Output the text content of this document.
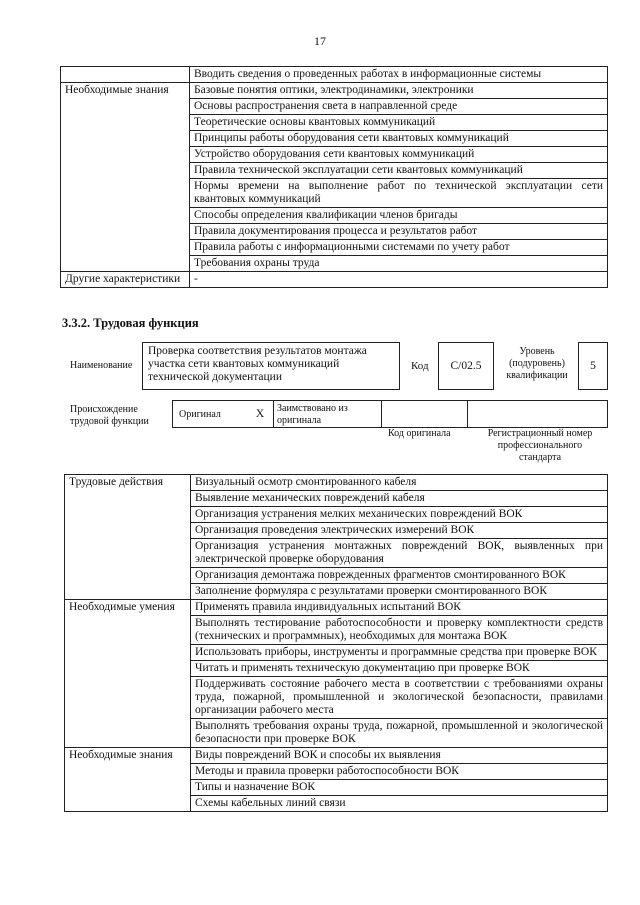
17
	Вводить сведения о проведенных работах в информационные системы
Необходимые знания	Базовые понятия оптики, электродинамики, электроники
	Основы распространения света в направленной среде
	Теоретические основы квантовых коммуникаций
	Принципы работы оборудования сети квантовых коммуникаций
	Устройство оборудования сети квантовых коммуникаций
	Правила технической эксплуатации сети квантовых коммуникаций
	Нормы времени на выполнение работ по технической эксплуатации сети квантовых коммуникаций
	Способы определения квалификации членов бригады
	Правила документирования процесса и результатов работ
	Правила работы с информационными системами по учету работ
	Требования охраны труда
Другие характеристики	-
3.3.2. Трудовая функция
Наименование
Проверка соответствия результатов монтажа участка сети квантовых коммуникаций технической документации
Код С/02.5
Уровень (подуровень) квалификации
5
Происхождение трудовой функции
Оригинал	Х Заимствовано из оригинала
Код оригинала	Регистрационный номер профессионального стандарта
Трудовые действия	Визуальный осмотр смонтированного кабеля
	Выявление механических повреждений кабеля
	Организация устранения мелких механических повреждений ВОК
	Организация проведения электрических измерений ВОК
	Организация устранения монтажных повреждений ВОК, выявленных при электрической проверке оборудования
	Организация демонтажа поврежденных фрагментов смонтированного ВОК
	Заполнение формуляра с результатами проверки смонтированного ВОК
Необходимые умения	Применять правила индивидуальных испытаний ВОК
	Выполнять тестирование работоспособности и проверку комплектности средств (технических и программных), необходимых для монтажа ВОК
	Использовать приборы, инструменты и программные средства при проверке ВОК
	Читать и применять техническую документацию при проверке ВОК
	Поддерживать состояние рабочего места в соответствии с требованиями охраны труда, пожарной, промышленной и экологической безопасности, правилами организации рабочего места
	Выполнять требования охраны труда, пожарной, промышленной и экологической безопасности при проверке ВОК
Необходимые знания	Виды повреждений ВОК и способы их выявления
	Методы и правила проверки работоспособности ВОК
	Типы и назначение ВОК
	Схемы кабельных линий связи
